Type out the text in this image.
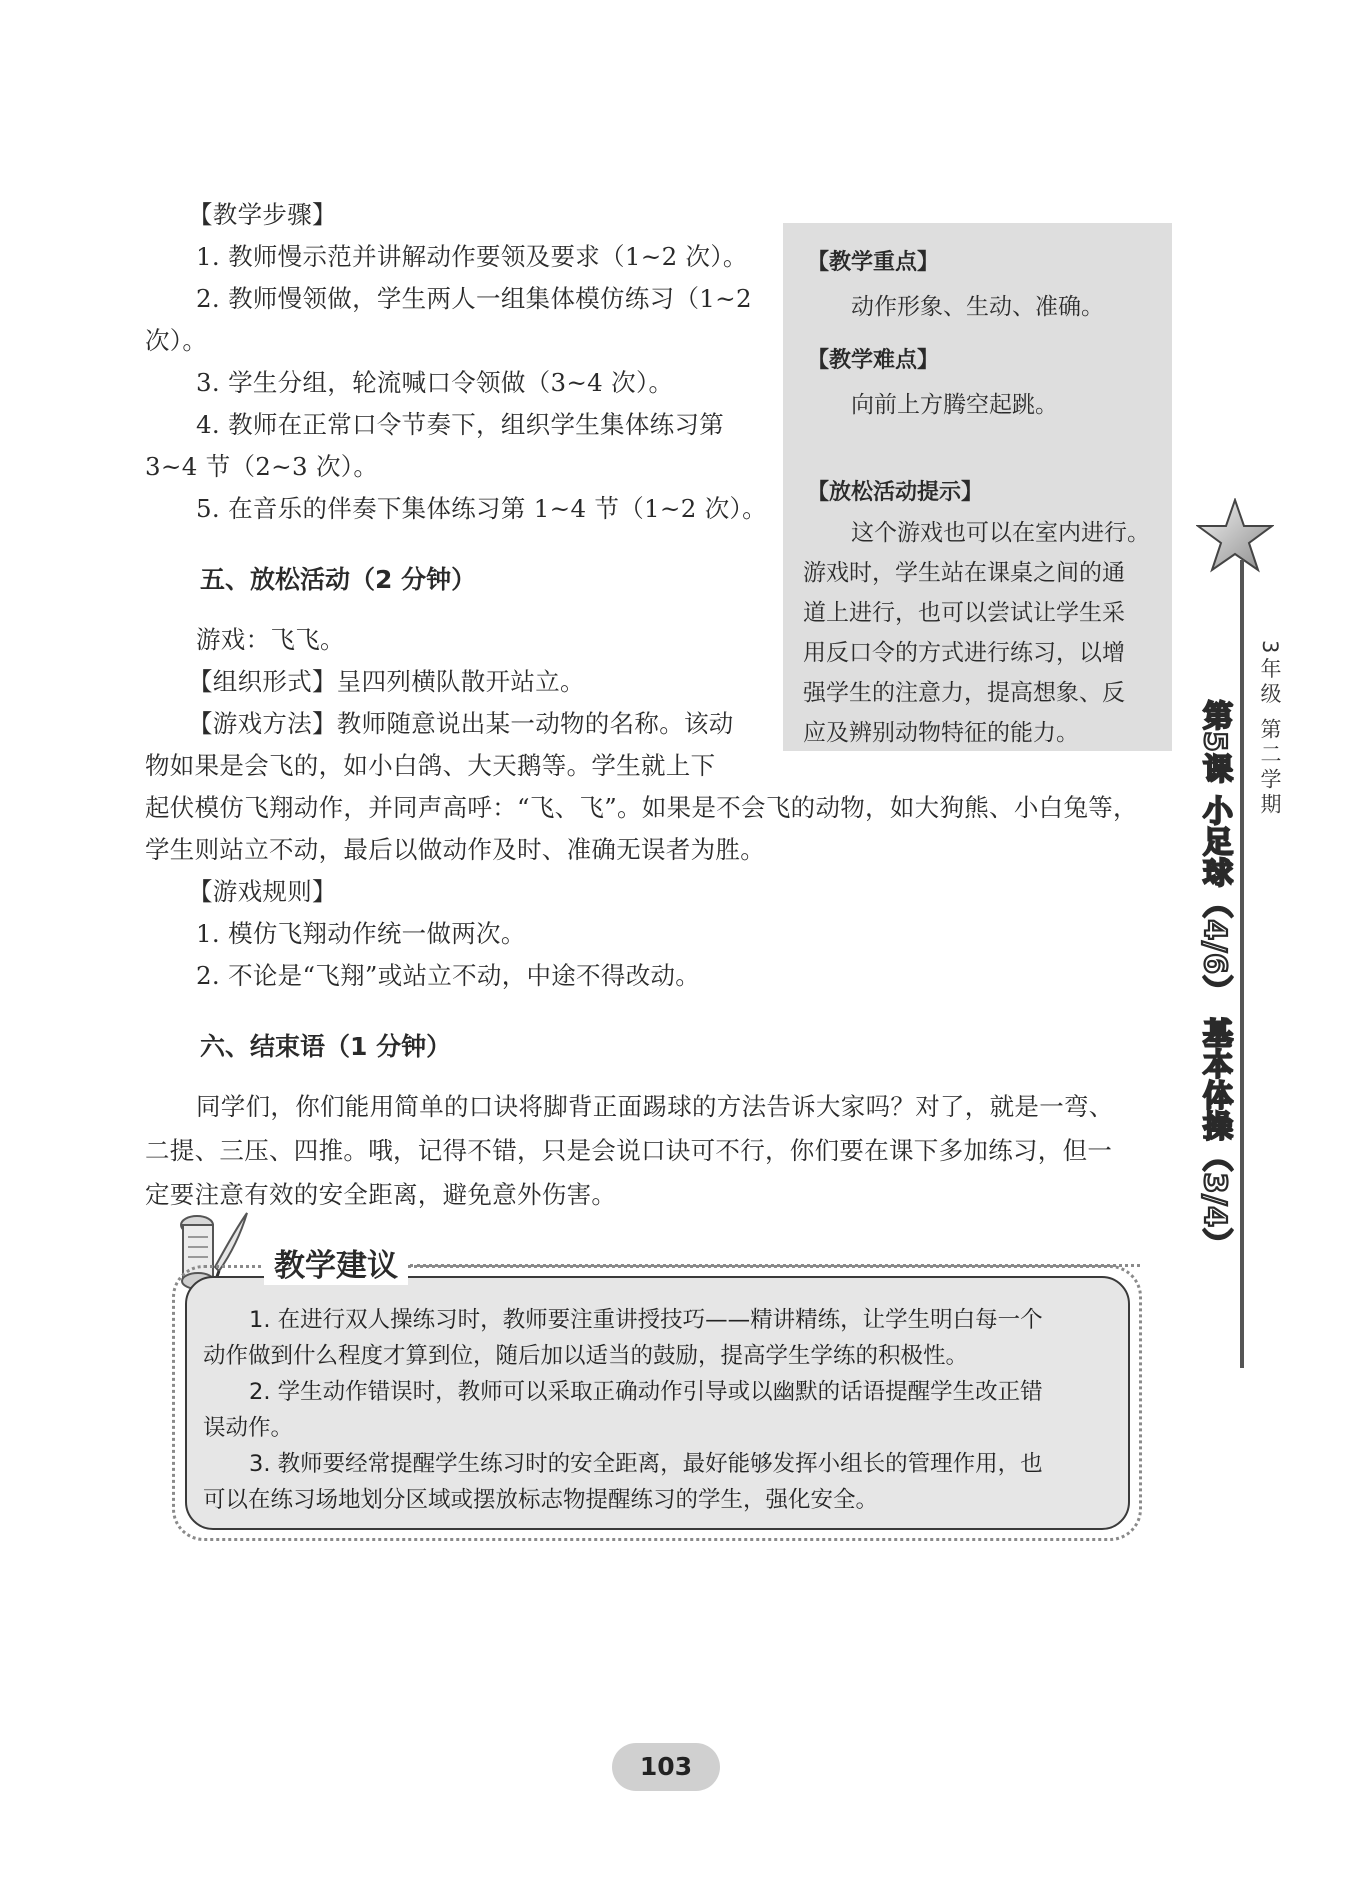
【教学步骤】
1. 教师慢示范并讲解动作要领及要求（1~2 次）。
2. 教师慢领做，学生两人一组集体模仿练习（1~2
次）。
3. 学生分组，轮流喊口令领做（3~4 次）。
4. 教师在正常口令节奏下，组织学生集体练习第
3~4 节（2~3 次）。
5. 在音乐的伴奏下集体练习第 1~4 节（1~2 次）。
五、放松活动（2 分钟）
游戏：飞飞。
【组织形式】呈四列横队散开站立。
【游戏方法】教师随意说出某一动物的名称。该动
物如果是会飞的，如小白鸽、大天鹅等。学生就上下
起伏模仿飞翔动作，并同声高呼：“飞、飞”。如果是不会飞的动物，如大狗熊、小白兔等，
学生则站立不动，最后以做动作及时、准确无误者为胜。
【游戏规则】
1. 模仿飞翔动作统一做两次。
2. 不论是“飞翔”或站立不动，中途不得改动。
六、结束语（1 分钟）
同学们，你们能用简单的口诀将脚背正面踢球的方法告诉大家吗？对了，就是一弯、
二提、三压、四推。哦，记得不错，只是会说口诀可不行，你们要在课下多加练习，但一
定要注意有效的安全距离，避免意外伤害。
【教学重点】
动作形象、生动、准确。
【教学难点】
向前上方腾空起跳。
【放松活动提示】
这个游戏也可以在室内进行。
游戏时，学生站在课桌之间的通
道上进行，也可以尝试让学生采
用反口令的方式进行练习，以增
强学生的注意力，提高想象、反
应及辨别动物特征的能力。	3年级 第二学期
第5课 小足球（4/6） 基本体操（3/4）
教学建议
1. 在进行双人操练习时，教师要注重讲授技巧——精讲精练，让学生明白每一个
动作做到什么程度才算到位，随后加以适当的鼓励，提高学生学练的积极性。
2. 学生动作错误时，教师可以采取正确动作引导或以幽默的话语提醒学生改正错
误动作。
3. 教师要经常提醒学生练习时的安全距离，最好能够发挥小组长的管理作用，也
可以在练习场地划分区域或摆放标志物提醒练习的学生，强化安全。
103
